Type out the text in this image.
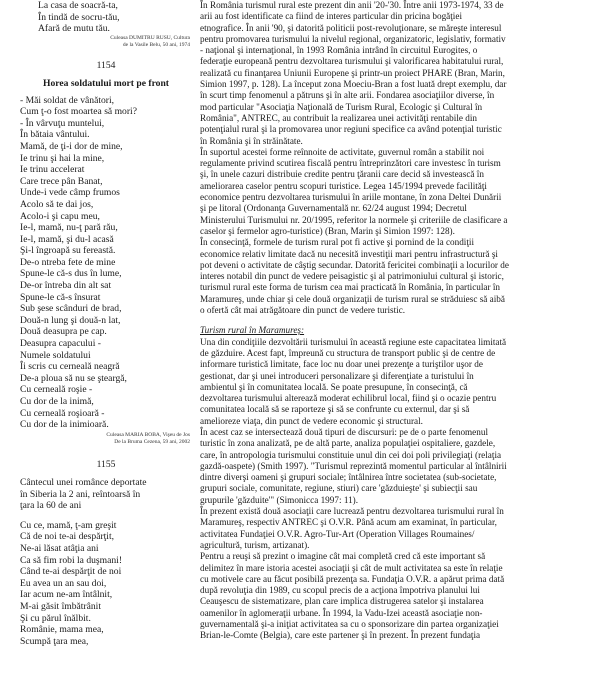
La casa de soacră-ta,
În tindă de socru-tău,
Afară de mutu tău.
Culeasa DUMITRU RUSU, Cultura
de la Vasile Belu, 50 ani, 1974
1154
Horea soldatului mort pe front
- Măi soldat de vânători,
Cum ţ-o fost moartea să mori?
- În vârvuţu muntelui,
În bătaia vântului.
Mamă, de ţi-i dor de mine,
Ie trinu şi hai la mine,
Ie trinu accelerat
Care trece pân Banat,
Unde-i vede câmp frumos
Acolo să te dai jos,
Acolo-i şi capu meu,
Ie-l, mamă, nu-ţ pară rău,
Ie-l, mamă, şi du-l acasă
Şi-l îngroapă su fereastă.
De-o ntreba fete de mine
Spune-le că-s dus în lume,
De-or întreba din alt sat
Spune-le că-s însurat
Sub şese scânduri de brad,
Două-n lung şi două-n lat,
Două deasupra pe cap.
Deasupra capacului -
Numele soldatului
Îi scris cu cerneală neagră
De-a ploua să nu se şteargă,
Cu cerneală roşie -
Cu dor de la inimă,
Cu cerneală roşioară -
Cu dor de la inimioară.
Culeasa MARIA BOBA, Vişeu de Jos
De la Bruma Cezena, 59 ani, 2002
1155
Cântecul unei românce deportate
în Siberia la 2 ani, reîntoarsă în
ţara la 60 de ani
Cu ce, mamă, ţ-am greşit
Că de noi te-ai despărţit,
Ne-ai lăsat atâţia ani
Ca să fim robi la duşmani!
Când te-ai despărţit de noi
Eu avea un an sau doi,
Iar acum ne-am întâlnit,
M-ai găsit îmbătrânit
Şi cu părul înălbit.
Românie, mama mea,
Scumpă ţara mea,
În România turismul rural este prezent din anii '20-'30. Între anii 1973-1974, 33 de
arii au fost identificate ca fiind de interes particular din pricina bogăţiei
etnografice. În anii '90, şi datorită politicii post-revoluţionare, se măreşte interesul
pentru promovarea turismului la nivelul regional, organizatoric, legislativ, formativ
- naţional şi internaţional, în 1993 România intrând în circuitul Eurogites, o
federaţie europeană pentru dezvoltarea turismului şi valorificarea habitatului rural,
realizată cu finanţarea Uniunii Europene şi printr-un proiect PHARE (Bran, Marin,
Simion 1997, p. 128). La început zona Moeciu-Bran a fost luată drept exemplu, dar
în scurt timp fenomenul a pătruns şi în alte arii. Fondarea asociaţiilor diverse, în
mod particular "Asociaţia Naţională de Turism Rural, Ecologic şi Cultural în
România", ANTREC, au contribuit la realizarea unei activităţi rentabile din
potenţialul rural şi la promovarea unor regiuni specifice ca având potenţial turistic
în România şi în străinătate.
În suportul acestei forme reînnoite de activitate, guvernul român a stabilit noi
regulamente privind scutirea fiscală pentru întreprinzători care investesc în turism
şi, în unele cazuri distribuie credite pentru ţăranii care decid să investească în
ameliorarea caselor pentru scopuri turistice. Legea 145/1994 prevede facilităţi
economice pentru dezvoltarea turismului în ariile montane, în zona Deltei Dunării
şi pe litoral (Ordonanţa Guvernamentală nr. 62/24 august 1994; Decretul
Ministerului Turismului nr. 20/1995, referitor la normele şi criteriile de clasificare a
caselor şi fermelor agro-turistice) (Bran, Marin şi Simion 1997: 128).
În consecinţă, formele de turism rural pot fi active şi pornind de la condiţii
economice relativ limitate dacă nu necesită investiţii mari pentru infrastructură şi
pot deveni o activitate de câştig secundar. Datorită fericitei combinaţii a locurilor de
interes notabil din punct de vedere peisagistic şi al patrimoniului cultural şi istoric,
turismul rural este forma de turism cea mai practicată în România, în particular în
Maramureş, unde chiar şi cele două organizaţii de turism rural se străduiesc să aibă
o ofertă cât mai atrăgătoare din punct de vedere turistic.
Turism rural în Maramureş:
Una din condiţiile dezvoltării turismului în această regiune este capacitatea limitată
de găzduire. Acest fapt, împreună cu structura de transport public şi de centre de
informare turistică limitate, face loc nu doar unei prezenţe a turiştilor uşor de
gestionat, dar şi unei introduceri personalizare şi diferenţiate a turistului în
ambientul şi în comunitatea locală. Se poate presupune, în consecinţă, că
dezvoltarea turismului alterează moderat echilibrul local, fiind şi o ocazie pentru
comunitatea locală să se raporteze şi să se confrunte cu externul, dar şi să
amelioreze viaţa, din punct de vedere economic şi structural.
În acest caz se intersectează două tipuri de discursuri: pe de o parte fenomenul
turistic în zona analizată, pe de altă parte, analiza populaţiei ospitaliere, gazdele,
care, în antropologia turismului constituie unul din cei doi poli privilegiaţi (relaţia
gazdă-oaspete) (Smith 1997). "Turismul reprezintă momentul particular al întâlnirii
dintre diverşi oameni şi grupuri sociale; întâlnirea între societatea (sub-societate,
grupuri sociale, comunitate, regiune, stiuri) care 'găzduieşte' şi subiecţii sau
grupurile 'găzduite'" (Simonicca 1997: 11).
În prezent există două asociaţii care lucrează pentru dezvoltarea turismului rural în
Maramureş, respectiv ANTREC şi O.V.R. Până acum am examinat, în particular,
activitatea Fundaţiei O.V.R. Agro-Tur-Art (Operation Villages Roumaines/
agricultură, turism, artizanat).
Pentru a reuşi să prezint o imagine cât mai completă cred că este important să
delimitez în mare istoria acestei asociaţii şi cât de mult activitatea sa este în relaţie
cu motivele care au făcut posibilă prezenţa sa. Fundaţia O.V.R. a apărut prima dată
după revoluţia din 1989, cu scopul precis de a acţiona împotriva planului lui
Ceauşescu de sistematizare, plan care implica distrugerea satelor şi instalarea
oamenilor în aglomeraţii urbane. În 1994, la Vadu-Izei această asociaţie non-
guvernamentală şi-a iniţiat activitatea sa cu o sponsorizare din partea organizaţiei
Brian-le-Comte (Belgia), care este partener şi în prezent. În prezent fundaţia
